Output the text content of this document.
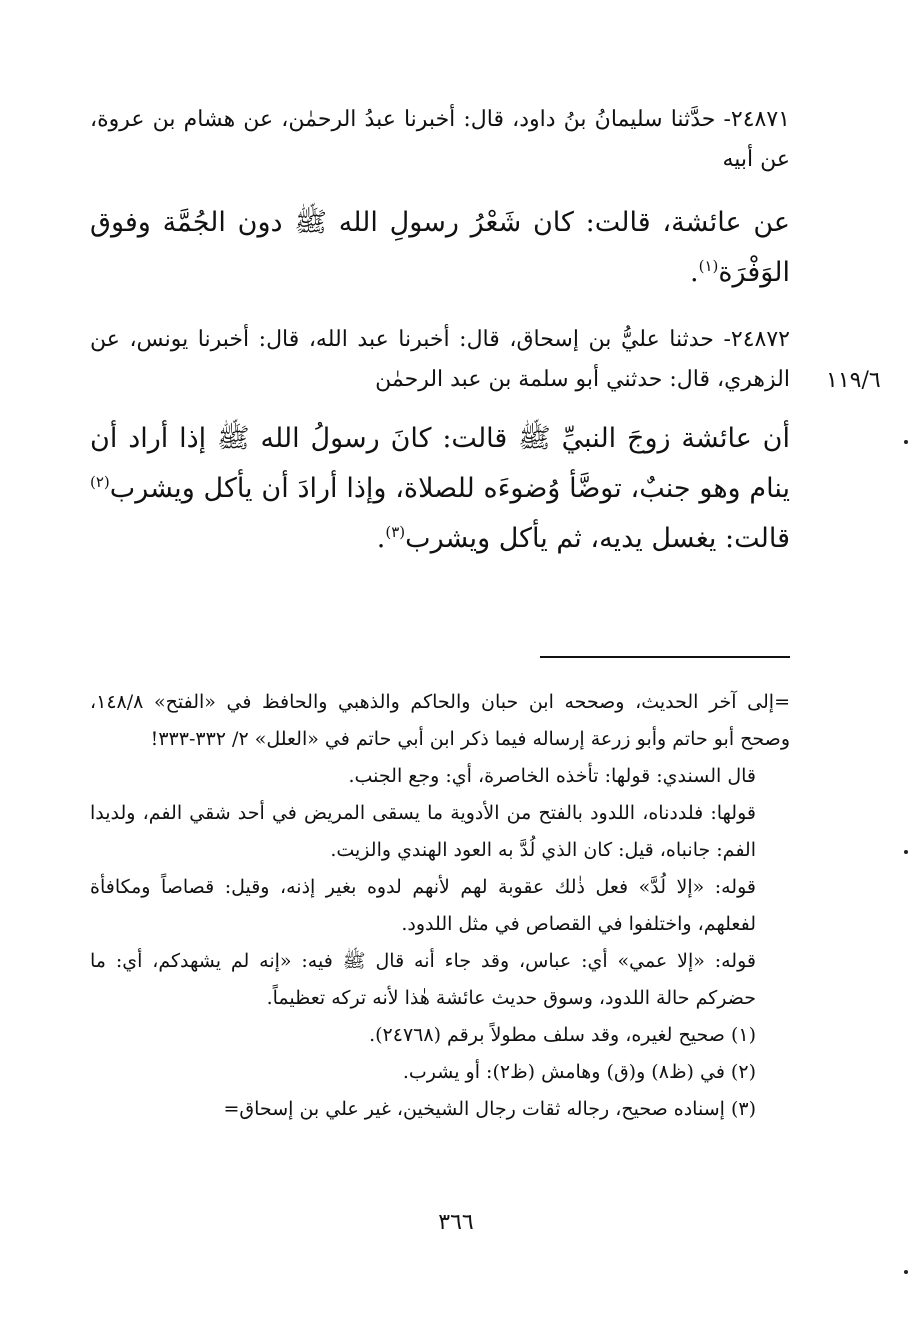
٢٤٨٧١- حدَّثنا سليمانُ بنُ داود، قال: أخبرنا عبدُ الرحمٰن، عن هشام بن عروة، عن أبيه
عن عائشة، قالت: كان شَعْرُ رسولِ الله ﷺ دون الجُمَّة وفوق الوَفْرَة$^{(١)}$.
٢٤٨٧٢- حدثنا عليُّ بن إسحاق، قال: أخبرنا عبد الله، قال: أخبرنا يونس، عن الزهري، قال: حدثني أبو سلمة بن عبد الرحمٰن ١١٩/٦
أن عائشة زوجَ النبيِّ ﷺ قالت: كانَ رسولُ الله ﷺ إذا أراد أن ينام وهو جنبٌ، توضَّأ وُضوءَه للصلاة، وإذا أرادَ أن يأكل ويشرب$^{(٢)}$ قالت: يغسل يديه، ثم يأكل ويشرب$^{(٣)}$.

=إلى آخر الحديث، وصححه ابن حبان والحاكم والذهبي والحافظ في «الفتح» ١٤٨/٨، وصحح أبو حاتم وأبو زرعة إرساله فيما ذكر ابن أبي حاتم في «العلل» ٢/ ٣٣٢-٣٣٣!

قال السندي: قولها: تأخذه الخاصرة، أي: وجع الجنب.

قولها: فلددناه، اللدود بالفتح من الأدوية ما يسقى المريض في أحد شقي الفم، ولديدا الفم: جانباه، قيل: كان الذي لُدَّ به العود الهندي والزيت.

قوله: «إلا لُدَّ» فعل ذٰلك عقوبة لهم لأنهم لدوه بغير إذنه، وقيل: قصاصاً ومكافأة لفعلهم، واختلفوا في القصاص في مثل اللدود.

قوله: «إلا عمي» أي: عباس، وقد جاء أنه قال ﷺ فيه: «إنه لم يشهدكم، أي: ما حضركم حالة اللدود، وسوق حديث عائشة هٰذا لأنه تركه تعظيماً.

(١) صحيح لغيره، وقد سلف مطولاً برقم (٢٤٧٦٨).

(٢) في (ظ٨) و(ق) وهامش (ظ٢): أو يشرب.

(٣) إسناده صحيح، رجاله ثقات رجال الشيخين، غير علي بن إسحاق=

٣٦٦
